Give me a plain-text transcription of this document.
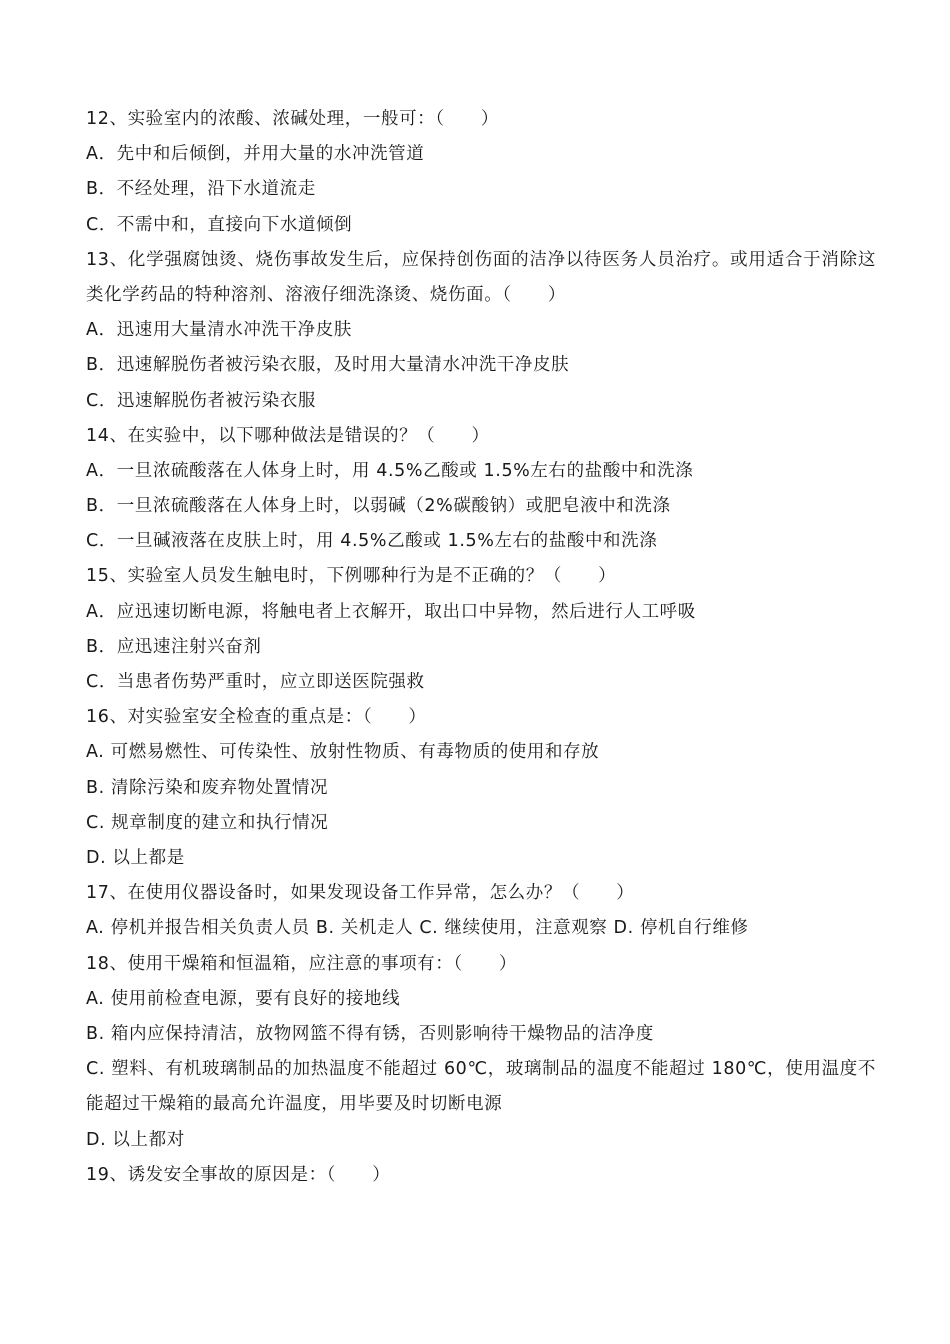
12、实验室内的浓酸、浓碱处理，一般可：（　　）
A．先中和后倾倒，并用大量的水冲洗管道
B．不经处理，沿下水道流走
C．不需中和，直接向下水道倾倒
13、化学强腐蚀烫、烧伤事故发生后，应保持创伤面的洁净以待医务人员治疗。或用适合于消除这类化学药品的特种溶剂、溶液仔细洗涤烫、烧伤面。（　　）
A．迅速用大量清水冲洗干净皮肤
B．迅速解脱伤者被污染衣服，及时用大量清水冲洗干净皮肤
C．迅速解脱伤者被污染衣服
14、在实验中，以下哪种做法是错误的？（　　）
A．一旦浓硫酸落在人体身上时，用 4.5%乙酸或 1.5%左右的盐酸中和洗涤
B．一旦浓硫酸落在人体身上时，以弱碱（2%碳酸钠）或肥皂液中和洗涤
C．一旦碱液落在皮肤上时，用 4.5%乙酸或 1.5%左右的盐酸中和洗涤
15、实验室人员发生触电时，下例哪种行为是不正确的？（　　）
A．应迅速切断电源，将触电者上衣解开，取出口中异物，然后进行人工呼吸
B．应迅速注射兴奋剂
C．当患者伤势严重时，应立即送医院强救
16、对实验室安全检查的重点是：（　　）
A. 可燃易燃性、可传染性、放射性物质、有毒物质的使用和存放
B. 清除污染和废弃物处置情况
C. 规章制度的建立和执行情况
D. 以上都是
17、在使用仪器设备时，如果发现设备工作异常，怎么办？（　　）
A. 停机并报告相关负责人员 B. 关机走人 C. 继续使用，注意观察 D. 停机自行维修
18、使用干燥箱和恒温箱，应注意的事项有：（　　）
A. 使用前检查电源，要有良好的接地线
B. 箱内应保持清洁，放物网篮不得有锈，否则影响待干燥物品的洁净度
C. 塑料、有机玻璃制品的加热温度不能超过 60℃，玻璃制品的温度不能超过 180℃，使用温度不能超过干燥箱的最高允许温度，用毕要及时切断电源
D. 以上都对
19、诱发安全事故的原因是：（　　）
